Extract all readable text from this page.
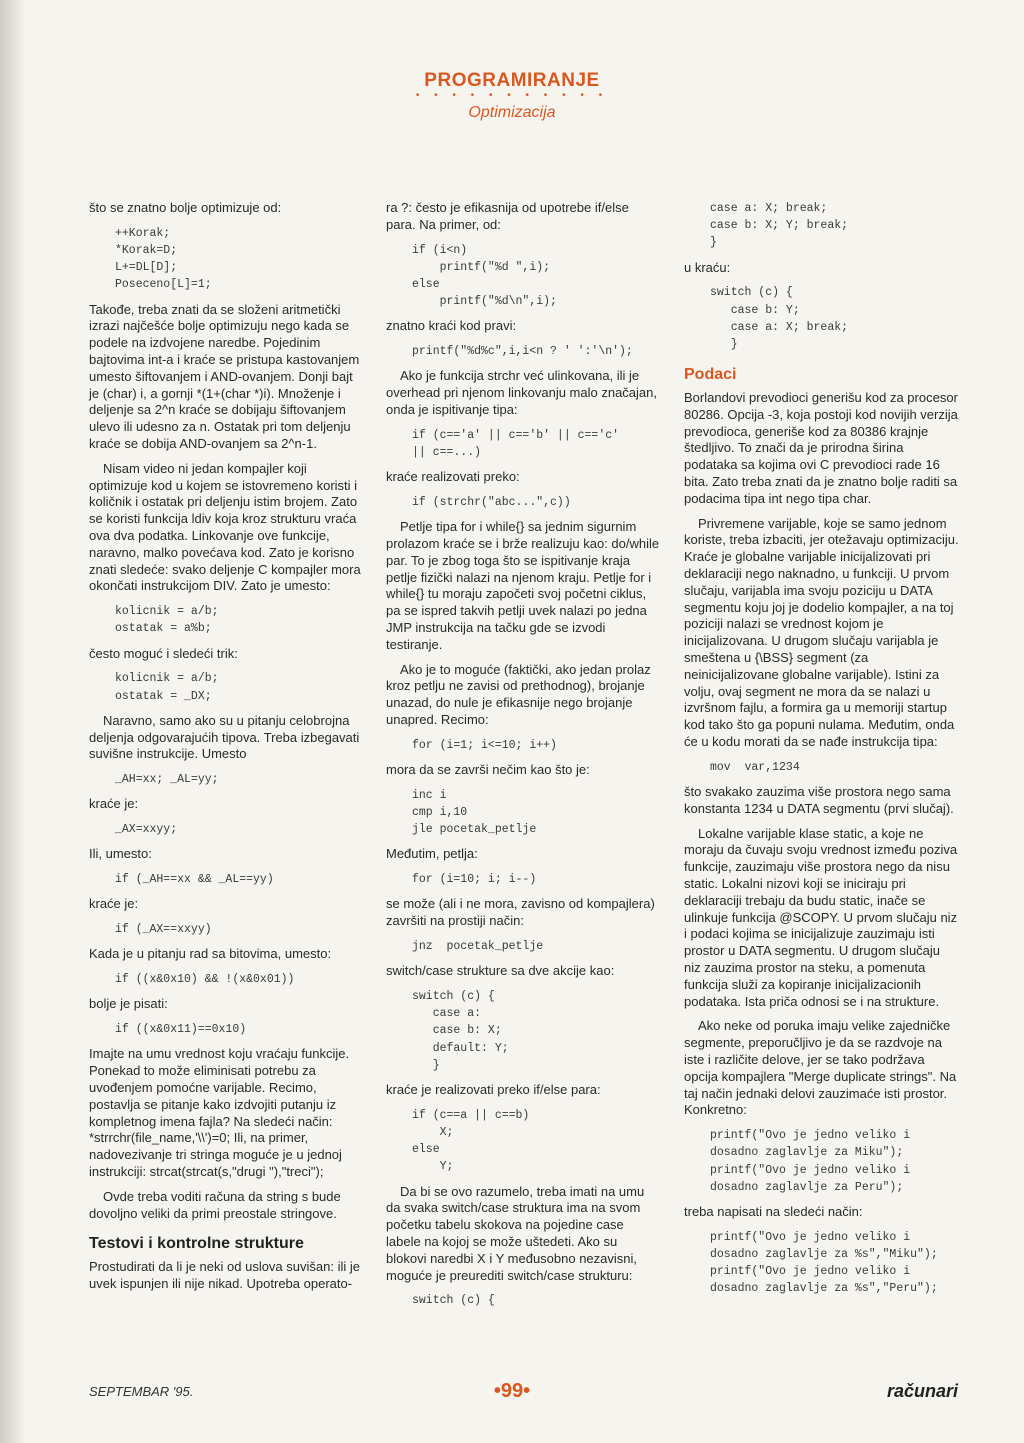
PROGRAMIRANJE
• • • • • • • • • • •
Optimizacija

što se znatno bolje optimizuje od:

++Korak;
*Korak=D;
L+=DL[D];
Poseceno[L]=1;

Takođe, treba znati da se složeni aritmetički izrazi najčešće bolje optimizuju nego kada se podele na izdvojene naredbe. Pojedinim bajtovima int-a i kraće se pristupa kastovanjem umesto šiftovanjem i AND-ovanjem. Donji bajt je (char) i, a gornji *(1+(char *)i). Množenje i deljenje sa 2^n kraće se dobijaju šiftovanjem ulevo ili udesno za n. Ostatak pri tom deljenju kraće se dobija AND-ovanjem sa 2^n-1.

Nisam video ni jedan kompajler koji optimizuje kod u kojem se istovremeno koristi i količnik i ostatak pri deljenju istim brojem. Zato se koristi funkcija ldiv koja kroz strukturu vraća ova dva podatka. Linkovanje ove funkcije, naravno, malko povećava kod. Zato je korisno znati sledeće: svako deljenje C kompajler mora okončati instrukcijom DIV. Zato je umesto:

kolicnik = a/b;
ostatak = a%b;

često moguć i sledeći trik:

kolicnik = a/b;
ostatak = _DX;

Naravno, samo ako su u pitanju celobrojna deljenja odgovarajućih tipova. Treba izbegavati suvišne instrukcije. Umesto

_AH=xx; _AL=yy;

kraće je:

_AX=xxyy;

Ili, umesto:

if (_AH==xx && _AL==yy)

kraće je:

if (_AX==xxyy)

Kada je u pitanju rad sa bitovima, umesto:

if ((x&0x10) && !(x&0x01))

bolje je pisati:

if ((x&0x11)==0x10)

Imajte na umu vrednost koju vraćaju funkcije. Ponekad to može eliminisati potrebu za uvođenjem pomoćne varijable. Recimo, postavlja se pitanje kako izdvojiti putanju iz kompletnog imena fajla? Na sledeći način: *strrchr(file_name,'\\')=0; Ili, na primer, nadovezivanje tri stringa moguće je u jednoj instrukciji: strcat(strcat(s,"drugi "),"treci");

Ovde treba voditi računa da string s bude dovoljno veliki da primi preostale stringove.

Testovi i kontrolne strukture

Prostudirati da li je neki od uslova suvišan: ili je uvek ispunjen ili nije nikad. Upotreba operato-

ra ?: često je efikasnija od upotrebe if/else para. Na primer, od:

if (i<n)
printf("%d ",i);
else
printf("%d\n",i);

znatno kraći kod pravi:

printf("%d%c",i,i<n ? ' ':'\n');

Ako je funkcija strchr već ulinkovana, ili je overhead pri njenom linkovanju malo značajan, onda je ispitivanje tipa:

if (c=='a' || c=='b' || c=='c'
|| c==...)

kraće realizovati preko:

if (strchr("abc...",c))

Petlje tipa for i while{} sa jednim sigurnim prolazom kraće se i brže realizuju kao: do/while par. To je zbog toga što se ispitivanje kraja petlje fizički nalazi na njenom kraju. Petlje for i while{} tu moraju započeti svoj početni ciklus, pa se ispred takvih petlji uvek nalazi po jedna JMP instrukcija na tačku gde se izvodi testiranje.

Ako je to moguće (faktički, ako jedan prolaz kroz petlju ne zavisi od prethodnog), brojanje unazad, do nule je efikasnije nego brojanje unapred. Recimo:

for (i=1; i<=10; i++)

mora da se završi nečim kao što je:

inc i
cmp i,10
jle pocetak_petlje

Međutim, petlja:

for (i=10; i; i--)

se može (ali i ne mora, zavisno od kompajlera) završiti na prostiji način:

jnz  pocetak_petlje

switch/case strukture sa dve akcije kao:

switch (c) {
case a:
case b: X;
default: Y;
}

kraće je realizovati preko if/else para:

if (c==a || c==b)
X;
else
Y;

Da bi se ovo razumelo, treba imati na umu da svaka switch/case struktura ima na svom početku tabelu skokova na pojedine case labele na kojoj se može uštedeti. Ako su blokovi naredbi X i Y međusobno nezavisni, moguće je preurediti switch/case strukturu:

switch (c) {
case a: X; break;
case b: X; Y; break;
}

u kraću:

switch (c) {
case b: Y;
case a: X; break;
}
Podaci

Borlandovi prevodioci generišu kod za procesor 80286. Opcija -3, koja postoji kod novijih verzija prevodioca, generiše kod za 80386 krajnje štedljivo. To znači da je prirodna širina podataka sa kojima ovi C prevodioci rade 16 bita. Zato treba znati da je znatno bolje raditi sa podacima tipa int nego tipa char.

Privremene varijable, koje se samo jednom koriste, treba izbaciti, jer otežavaju optimizaciju. Kraće je globalne varijable inicijalizovati pri deklaraciji nego naknadno, u funkciji. U prvom slučaju, varijabla ima svoju poziciju u DATA segmentu koju joj je dodelio kompajler, a na toj poziciji nalazi se vrednost kojom je inicijalizovana. U drugom slučaju varijabla je smeštena u {\BSS} segment (za neinicijalizovane globalne varijable). Istini za volju, ovaj segment ne mora da se nalazi u izvršnom fajlu, a formira ga u memoriji startup kod tako što ga popuni nulama. Međutim, onda će u kodu morati da se nađe instrukcija tipa:

mov  var,1234

što svakako zauzima više prostora nego sama konstanta 1234 u DATA segmentu (prvi slučaj).

Lokalne varijable klase static, a koje ne moraju da čuvaju svoju vrednost između poziva funkcije, zauzimaju više prostora nego da nisu static. Lokalni nizovi koji se iniciraju pri deklaraciji trebaju da budu static, inače se ulinkuje funkcija @SCOPY. U prvom slučaju niz i podaci kojima se inicijalizuje zauzimaju isti prostor u DATA segmentu. U drugom slučaju niz zauzima prostor na steku, a pomenuta funkcija služi za kopiranje inicijalizacionih podataka. Ista priča odnosi se i na strukture.

Ako neke od poruka imaju velike zajedničke segmente, preporučljivo je da se razdvoje na iste i različite delove, jer se tako podržava opcija kompajlera "Merge duplicate strings". Na taj način jednaki delovi zauzimaće isti prostor. Konkretno:

printf("Ovo je jedno veliko i
dosadno zaglavlje za Miku");
printf("Ovo je jedno veliko i
dosadno zaglavlje za Peru");

treba napisati na sledeći način:

printf("Ovo je jedno veliko i
dosadno zaglavlje za %s","Miku");
printf("Ovo je jedno veliko i
dosadno zaglavlje za %s","Peru");
SEPTEMBAR '95.	•99•	računari
